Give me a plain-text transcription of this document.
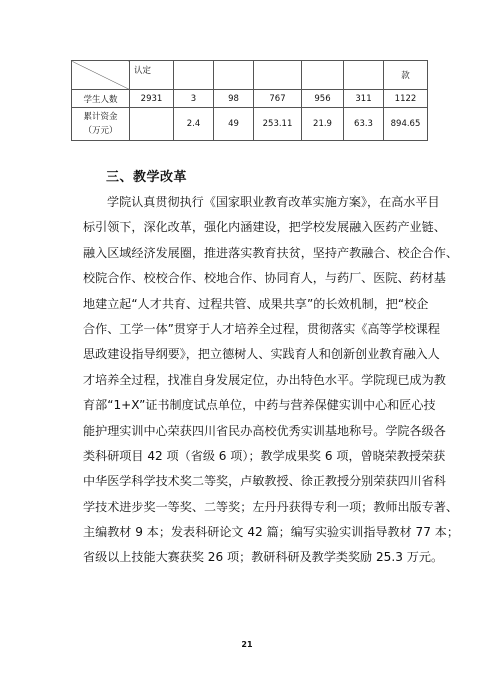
	认定						款
学生人数	2931	3	98	767	956	311	1122
累计资金
（万元）		2.4	49	253.11	21.9	63.3	894.65
三、教学改革
学院认真贯彻执行《国家职业教育改革实施方案》，在高水平目
标引领下，深化改革，强化内涵建设，把学校发展融入医药产业链、
融入区域经济发展圈，推进落实教育扶贫，坚持产教融合、校企合作、
校院合作、校校合作、校地合作、协同育人，与药厂、医院、药材基
地建立起“人才共育、过程共管、成果共享”的长效机制，把“校企
合作、工学一体”贯穿于人才培养全过程，贯彻落实《高等学校课程
思政建设指导纲要》，把立德树人、实践育人和创新创业教育融入人
才培养全过程，找准自身发展定位，办出特色水平。学院现已成为教
育部“1+X”证书制度试点单位，中药与营养保健实训中心和匠心技
能护理实训中心荣获四川省民办高校优秀实训基地称号。学院各级各
类科研项目 42 项（省级 6 项）；教学成果奖 6 项，曾晓荣教授荣获
中华医学科学技术奖二等奖，卢敏教授、徐正教授分别荣获四川省科
学技术进步奖一等奖、二等奖；左丹丹获得专利一项；教师出版专著、
主编教材 9 本；发表科研论文 42 篇；编写实验实训指导教材 77 本；
省级以上技能大赛获奖 26 项；教研科研及教学类奖励 25.3 万元。
21
